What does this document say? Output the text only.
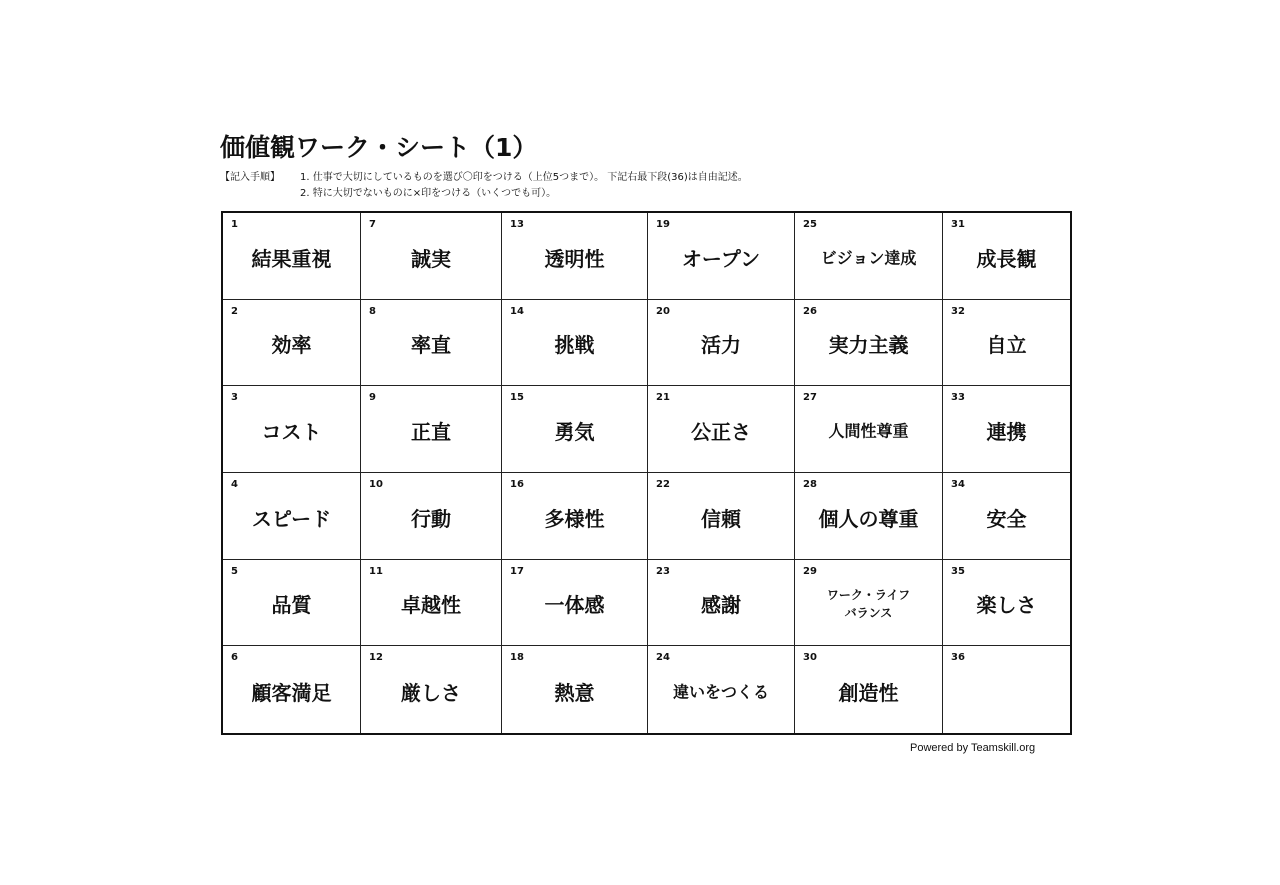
価値観ワーク・シート（1）
【記入手順】 1. 仕事で大切にしているものを選び〇印をつける（上位5つまで）。 下記右最下段(36)は自由記述。
2. 特に大切でないものに×印をつける（いくつでも可）。
1
結果重視
7
誠実
13
透明性
19
オープン
25
ビジョン達成
31
成長観
2
効率
8
率直
14
挑戦
20
活力
26
実力主義
32
自立
3
コスト
9
正直
15
勇気
21
公正さ
27
人間性尊重
33
連携
4
スピード
10
行動
16
多様性
22
信頼
28
個人の尊重
34
安全
5
品質
11
卓越性
17
一体感
23
感謝
29
ワーク・ライフ
バランス
35
楽しさ
6
顧客満足
12
厳しさ
18
熱意
24
違いをつくる
30
創造性
36
Powered by Teamskill.org
